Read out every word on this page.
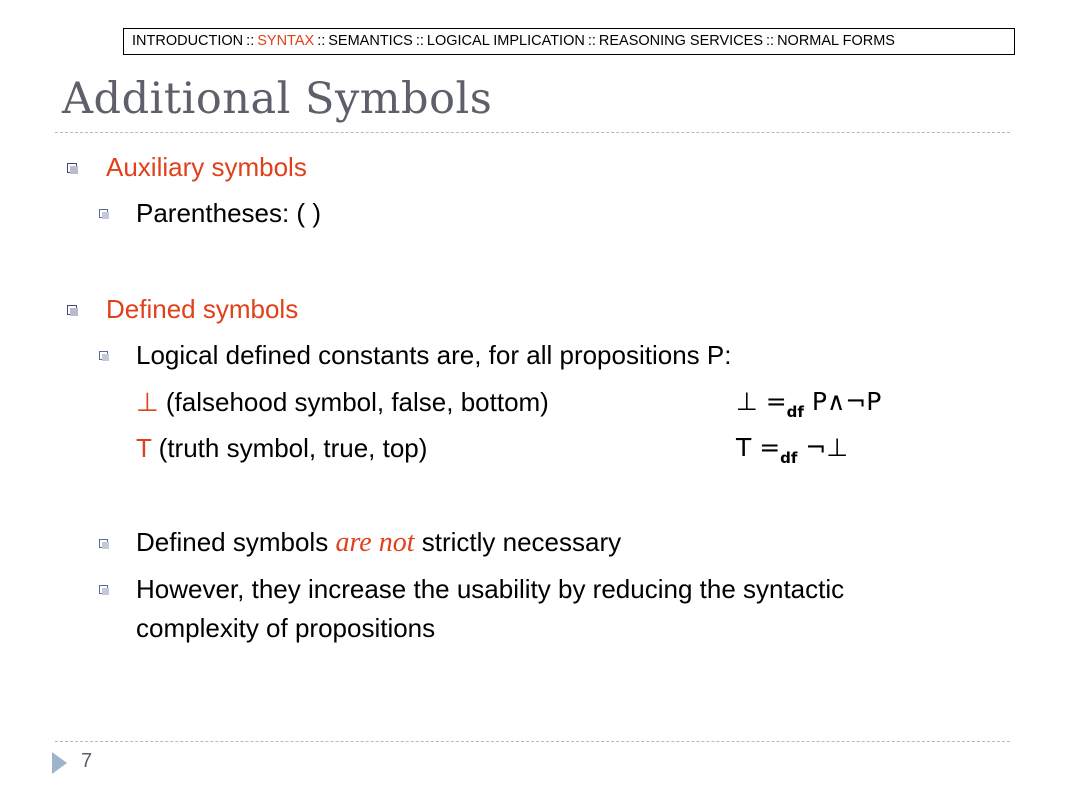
INTRODUCTION :: SYNTAX :: SEMANTICS :: LOGICAL IMPLICATION :: REASONING SERVICES :: NORMAL FORMS
Additional Symbols
Auxiliary symbols
Parentheses: ( )
Defined symbols
Logical defined constants are, for all propositions P:
⊥ (falsehood symbol, false, bottom)	⊥ $=_{df}$ P∧¬P
T (truth symbol, true, top)	$T =_{df}$ ¬⊥
Defined symbols are not strictly necessary
However, they increase the usability by reducing the syntactic
complexity of propositions
7
